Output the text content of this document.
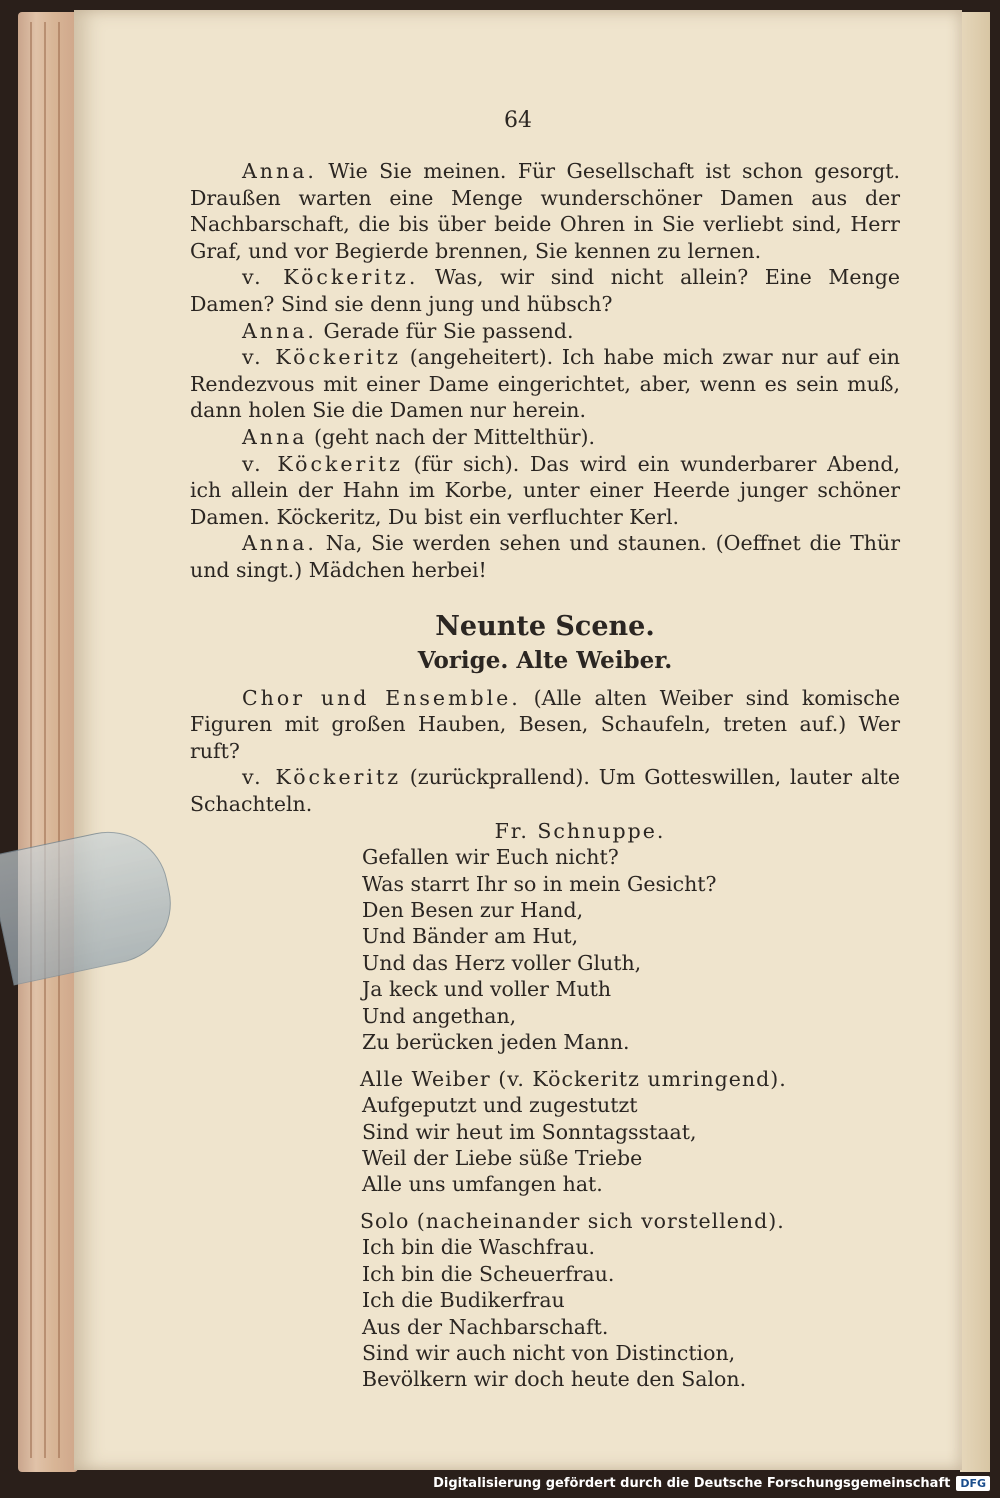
64

Anna. Wie Sie meinen. Für Gesellschaft ist schon gesorgt. Draußen warten eine Menge wunderschöner Damen aus der Nachbarschaft, die bis über beide Ohren in Sie verliebt sind, Herr Graf, und vor Begierde brennen, Sie kennen zu lernen.

v. Köckeritz. Was, wir sind nicht allein? Eine Menge Damen? Sind sie denn jung und hübsch?

Anna. Gerade für Sie passend.

v. Köckeritz (angeheitert). Ich habe mich zwar nur auf ein Rendezvous mit einer Dame eingerichtet, aber, wenn es sein muß, dann holen Sie die Damen nur herein.

Anna (geht nach der Mittelthür).

v. Köckeritz (für sich). Das wird ein wunderbarer Abend, ich allein der Hahn im Korbe, unter einer Heerde junger schöner Damen. Köckeritz, Du bist ein verfluchter Kerl.

Anna. Na, Sie werden sehen und staunen. (Oeffnet die Thür und singt.) Mädchen herbei!

Neunte Scene.
Vorige. Alte Weiber.

Chor und Ensemble. (Alle alten Weiber sind komische Figuren mit großen Hauben, Besen, Schaufeln, treten auf.) Wer ruft?

v. Köckeritz (zurückprallend). Um Gotteswillen, lauter alte Schachteln.

Fr. Schnuppe.
Gefallen wir Euch nicht?
Was starrt Ihr so in mein Gesicht?
Den Besen zur Hand,
Und Bänder am Hut,
Und das Herz voller Gluth,
Ja keck und voller Muth
Und angethan,
Zu berücken jeden Mann.
Alle Weiber (v. Köckeritz umringend).
Aufgeputzt und zugestutzt
Sind wir heut im Sonntagsstaat,
Weil der Liebe süße Triebe
Alle uns umfangen hat.
Solo (nacheinander sich vorstellend).
Ich bin die Waschfrau.
Ich bin die Scheuerfrau.
Ich die Budikerfrau
Aus der Nachbarschaft.
Sind wir auch nicht von Distinction,
Bevölkern wir doch heute den Salon.
Digitalisierung gefördert durch die Deutsche Forschungsgemeinschaft DFG
